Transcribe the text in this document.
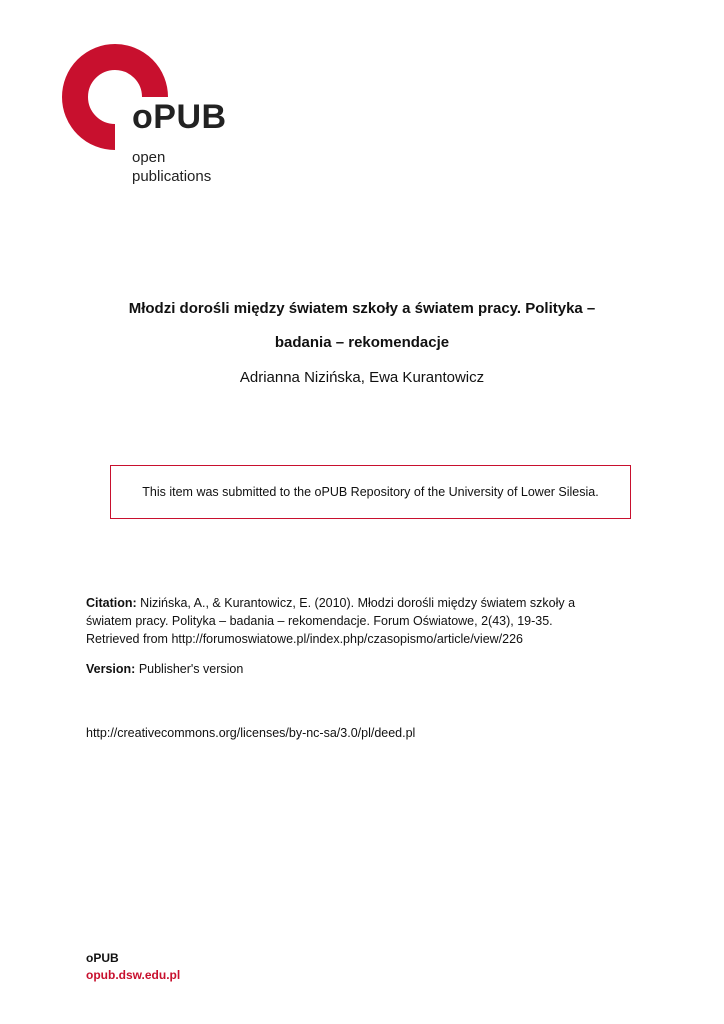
oPUB
open
publications
Młodzi dorośli między światem szkoły a światem pracy. Polityka –
badania – rekomendacje
Adrianna Nizińska, Ewa Kurantowicz
This item was submitted to the oPUB Repository of the University of Lower Silesia.
Citation: Nizińska, A., & Kurantowicz, E. (2010). Młodzi dorośli między światem szkoły a
światem pracy. Polityka – badania – rekomendacje. Forum Oświatowe, 2(43), 19-35.
Retrieved from http://forumoswiatowe.pl/index.php/czasopismo/article/view/226
Version: Publisher's version
http://creativecommons.org/licenses/by-nc-sa/3.0/pl/deed.pl
oPUB
opub.dsw.edu.pl
